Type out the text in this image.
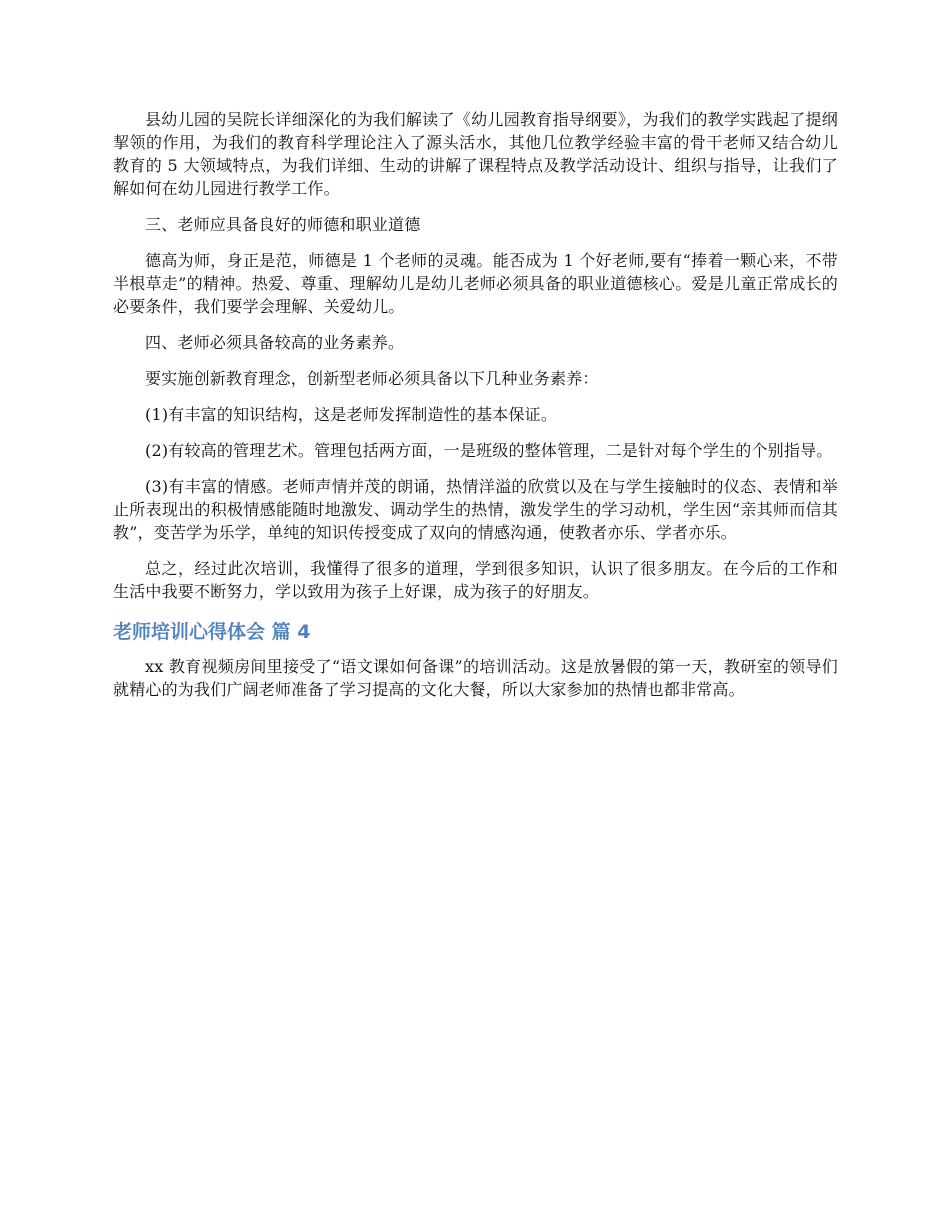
县幼儿园的吴院长详细深化的为我们解读了《幼儿园教育指导纲要》，为我们的教学实践起了提纲挈领的作用，为我们的教育科学理论注入了源头活水，其他几位教学经验丰富的骨干老师又结合幼儿教育的 5 大领域特点，为我们详细、生动的讲解了课程特点及教学活动设计、组织与指导，让我们了解如何在幼儿园进行教学工作。

三、老师应具备良好的师德和职业道德

德高为师，身正是范，师德是 1 个老师的灵魂。能否成为 1 个好老师,要有“捧着一颗心来，不带半根草走”的精神。热爱、尊重、理解幼儿是幼儿老师必须具备的职业道德核心。爱是儿童正常成长的必要条件，我们要学会理解、关爱幼儿。

四、老师必须具备较高的业务素养。

要实施创新教育理念，创新型老师必须具备以下几种业务素养：

(1)有丰富的知识结构，这是老师发挥制造性的基本保证。

(2)有较高的管理艺术。管理包括两方面，一是班级的整体管理，二是针对每个学生的个别指导。

(3)有丰富的情感。老师声情并茂的朗诵，热情洋溢的欣赏以及在与学生接触时的仪态、表情和举止所表现出的积极情感能随时地激发、调动学生的热情，激发学生的学习动机，学生因“亲其师而信其教”，变苦学为乐学，单纯的知识传授变成了双向的情感沟通，使教者亦乐、学者亦乐。

总之，经过此次培训，我懂得了很多的道理，学到很多知识，认识了很多朋友。在今后的工作和生活中我要不断努力，学以致用为孩子上好课，成为孩子的好朋友。

老师培训心得体会 篇 4

xx 教育视频房间里接受了“语文课如何备课”的培训活动。这是放暑假的第一天，教研室的领导们就精心的为我们广阔老师准备了学习提高的文化大餐，所以大家参加的热情也都非常高。
